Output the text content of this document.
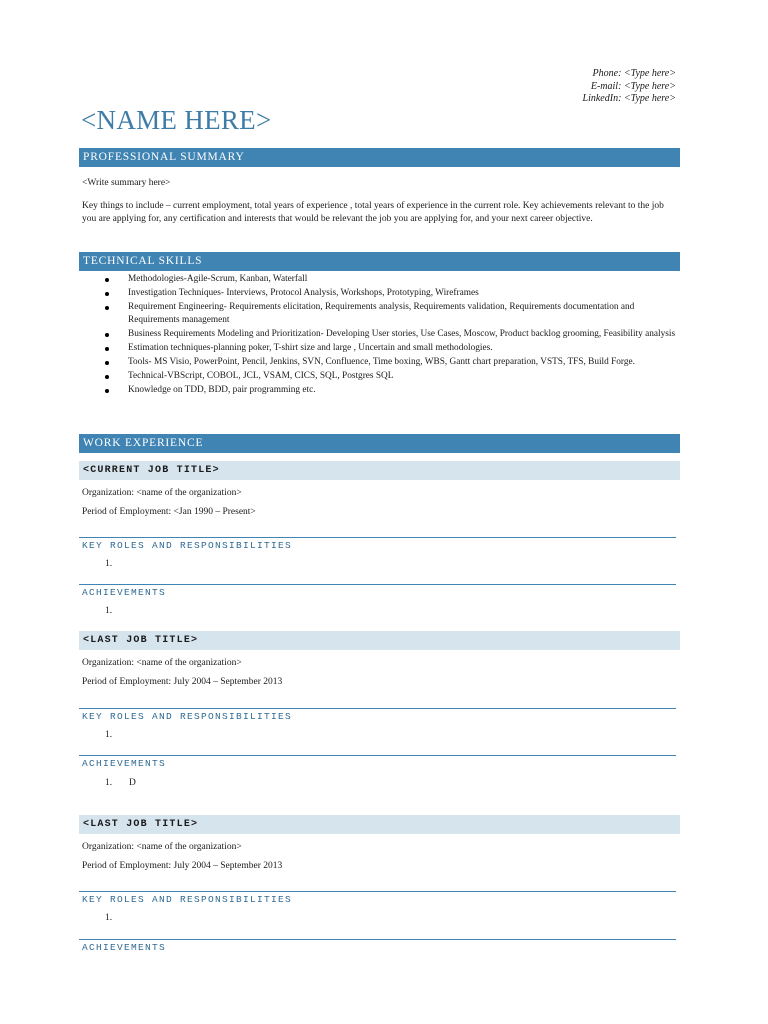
Phone: <Type here>
E-mail: <Type here>
LinkedIn: <Type here>
<NAME HERE>
PROFESSIONAL SUMMARY
<Write summary here>
Key things to include – current employment, total years of experience , total years of experience in the current role. Key achievements relevant to the job you are applying for, any certification and interests that would be relevant the job you are applying for, and your next career objective.
TECHNICAL SKILLS
Methodologies-Agile-Scrum, Kanban, Waterfall
Investigation Techniques- Interviews, Protocol Analysis, Workshops, Prototyping, Wireframes
Requirement Engineering- Requirements elicitation, Requirements analysis, Requirements validation, Requirements documentation and Requirements management
Business Requirements Modeling and Prioritization- Developing User stories, Use Cases, Moscow, Product backlog grooming, Feasibility analysis
Estimation techniques-planning poker, T-shirt size and large , Uncertain and small methodologies.
Tools- MS Visio, PowerPoint, Pencil, Jenkins, SVN, Confluence, Time boxing, WBS, Gantt chart preparation, VSTS, TFS, Build Forge.
Technical-VBScript, COBOL, JCL, VSAM, CICS, SQL, Postgres SQL
Knowledge on TDD, BDD, pair programming etc.
WORK EXPERIENCE
<CURRENT JOB TITLE>
Organization: <name of the organization>
Period of Employment: <Jan 1990 – Present>
KEY ROLES AND RESPONSIBILITIES
1.
ACHIEVEMENTS
1.
<LAST JOB TITLE>
Organization: <name of the organization>
Period of Employment: July 2004 – September 2013
KEY ROLES AND RESPONSIBILITIES
1.
ACHIEVEMENTS
1. D
<LAST JOB TITLE>
Organization: <name of the organization>
Period of Employment: July 2004 – September 2013
KEY ROLES AND RESPONSIBILITIES
1.
ACHIEVEMENTS
